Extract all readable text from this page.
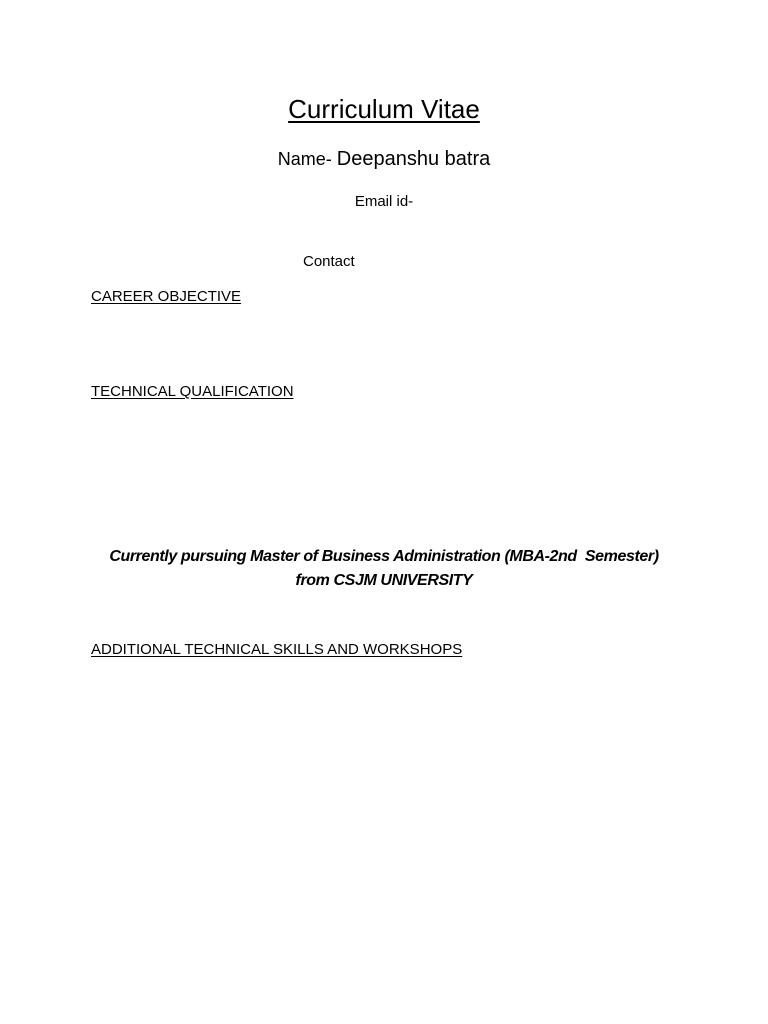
Curriculum Vitae
Name- Deepanshu batra
Email id-
Contact
CAREER OBJECTIVE
TECHNICAL QUALIFICATION
Currently pursuing Master of Business Administration (MBA-2nd  Semester)
from CSJM UNIVERSITY
ADDITIONAL TECHNICAL SKILLS AND WORKSHOPS
